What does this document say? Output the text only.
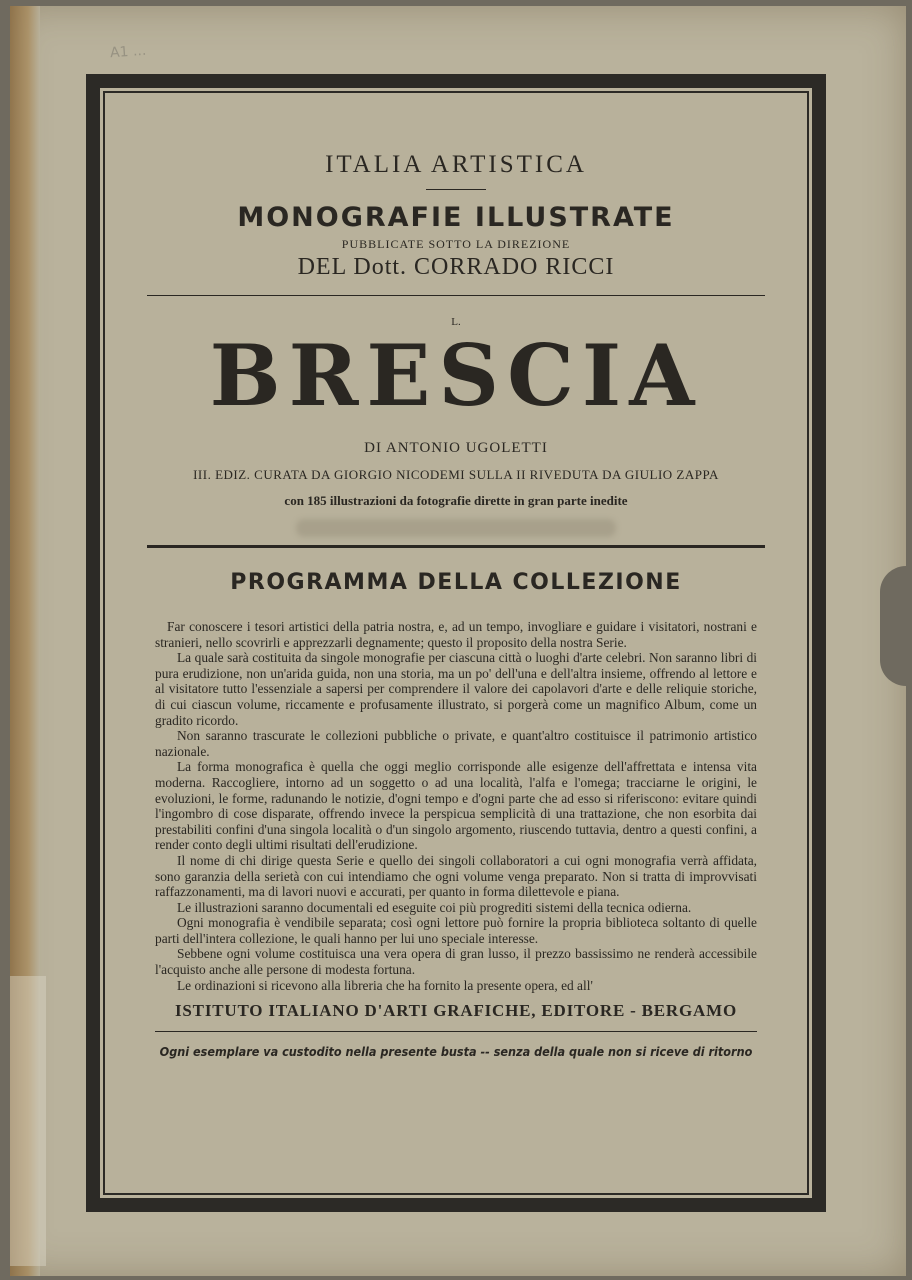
A1 ...
ITALIA ARTISTICA
MONOGRAFIE ILLUSTRATE
PUBBLICATE SOTTO LA DIREZIONE
DEL Dott. CORRADO RICCI
L.
BRESCIA
DI ANTONIO UGOLETTI
III. EDIZ. CURATA DA GIORGIO NICODEMI SULLA II RIVEDUTA DA GIULIO ZAPPA
con 185 illustrazioni da fotografie dirette in gran parte inedite
PROGRAMMA DELLA COLLEZIONE

Far conoscere i tesori artistici della patria nostra, e, ad un tempo, invogliare e guidare i visitatori, nostrani e stranieri, nello scovrirli e apprezzarli degnamente; questo il proposito della nostra Serie.

La quale sarà costituita da singole monografie per ciascuna città o luoghi d'arte celebri. Non saranno libri di pura erudizione, non un'arida guida, non una storia, ma un po' dell'una e dell'altra insieme, offrendo al lettore e al visitatore tutto l'essenziale a sapersi per comprendere il valore dei capolavori d'arte e delle reliquie storiche, di cui ciascun volume, riccamente e profusamente illustrato, si porgerà come un magnifico Album, come un gradito ricordo.

Non saranno trascurate le collezioni pubbliche o private, e quant'altro costituisce il patrimonio artistico nazionale.

La forma monografica è quella che oggi meglio corrisponde alle esigenze dell'affrettata e intensa vita moderna. Raccogliere, intorno ad un soggetto o ad una località, l'alfa e l'omega; tracciarne le origini, le evoluzioni, le forme, radunando le notizie, d'ogni tempo e d'ogni parte che ad esso si riferiscono: evitare quindi l'ingombro di cose disparate, offrendo invece la perspicua semplicità di una trattazione, che non esorbita dai prestabiliti confini d'una singola località o d'un singolo argomento, riuscendo tuttavia, dentro a questi confini, a render conto degli ultimi risultati dell'erudizione.

Il nome di chi dirige questa Serie e quello dei singoli collaboratori a cui ogni monografia verrà affidata, sono garanzia della serietà con cui intendiamo che ogni volume venga preparato. Non si tratta di improvvisati raffazzonamenti, ma di lavori nuovi e accurati, per quanto in forma dilettevole e piana.

Le illustrazioni saranno documentali ed eseguite coi più progrediti sistemi della tecnica odierna.

Ogni monografia è vendibile separata; così ogni lettore può fornire la propria biblioteca soltanto di quelle parti dell'intera collezione, le quali hanno per lui uno speciale interesse.

Sebbene ogni volume costituisca una vera opera di gran lusso, il prezzo bassissimo ne renderà accessibile l'acquisto anche alle persone di modesta fortuna.

Le ordinazioni si ricevono alla libreria che ha fornito la presente opera, ed all'

ISTITUTO ITALIANO D'ARTI GRAFICHE, EDITORE - BERGAMO
Ogni esemplare va custodito nella presente busta -- senza della quale non si riceve di ritorno
